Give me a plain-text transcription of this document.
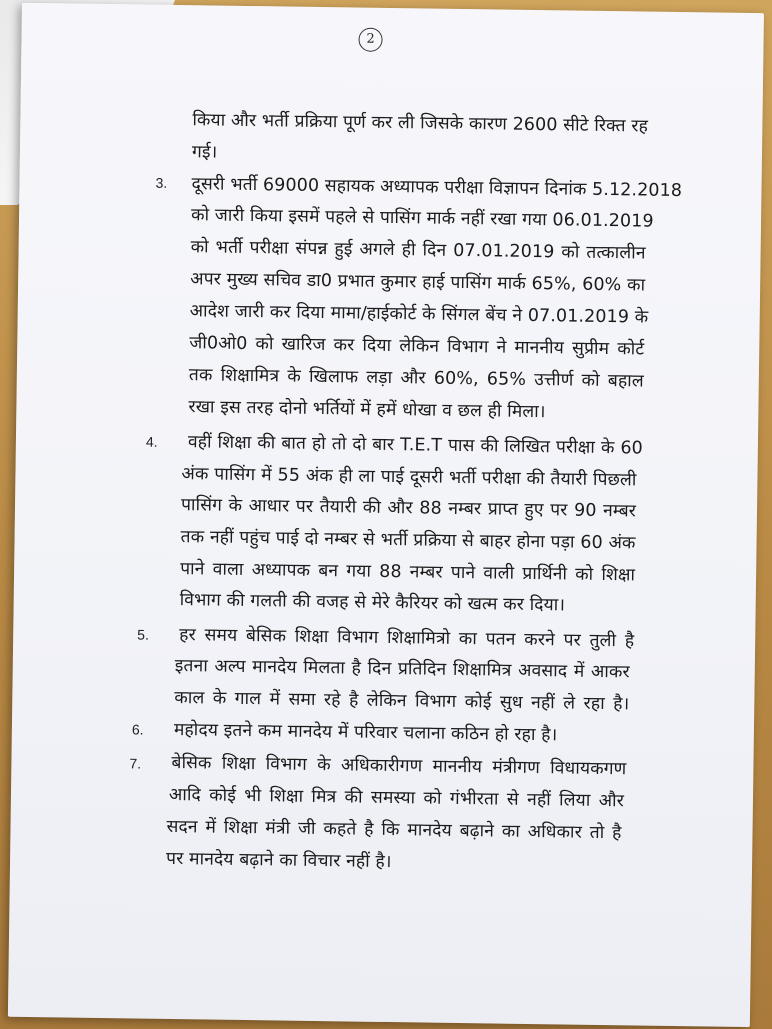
2
किया और भर्ती प्रक्रिया पूर्ण कर ली जिसके कारण 2600 सीटे रिक्त रह
गई।
3. दूसरी भर्ती 69000 सहायक अध्यापक परीक्षा विज्ञापन दिनांक 5.12.2018
को जारी किया इसमें पहले से पासिंग मार्क नहीं रखा गया 06.01.2019
को भर्ती परीक्षा संपन्न हुई अगले ही दिन 07.01.2019 को तत्कालीन
अपर मुख्य सचिव डा0 प्रभात कुमार हाई पासिंग मार्क 65%, 60% का
आदेश जारी कर दिया मामा/हाईकोर्ट के सिंगल बेंच ने 07.01.2019 के
जी0ओ0 को खारिज कर दिया लेकिन विभाग ने माननीय सुप्रीम कोर्ट
तक शिक्षामित्र के खिलाफ लड़ा और 60%, 65% उत्तीर्ण को बहाल
रखा इस तरह दोनो भर्तियों में हमें धोखा व छल ही मिला।
4. वहीं शिक्षा की बात हो तो दो बार T.E.T पास की लिखित परीक्षा के 60
अंक पासिंग में 55 अंक ही ला पाई दूसरी भर्ती परीक्षा की तैयारी पिछली
पासिंग के आधार पर तैयारी की और 88 नम्बर प्राप्त हुए पर 90 नम्बर
तक नहीं पहुंच पाई दो नम्बर से भर्ती प्रक्रिया से बाहर होना पड़ा 60 अंक
पाने वाला अध्यापक बन गया 88 नम्बर पाने वाली प्रार्थिनी को शिक्षा
विभाग की गलती की वजह से मेरे कैरियर को खत्म कर दिया।
5. हर समय बेसिक शिक्षा विभाग शिक्षामित्रो का पतन करने पर तुली है
इतना अल्प मानदेय मिलता है दिन प्रतिदिन शिक्षामित्र अवसाद में आकर
काल के गाल में समा रहे है लेकिन विभाग कोई सुध नहीं ले रहा है।
6. महोदय इतने कम मानदेय में परिवार चलाना कठिन हो रहा है।
7. बेसिक शिक्षा विभाग के अधिकारीगण माननीय मंत्रीगण विधायकगण
आदि कोई भी शिक्षा मित्र की समस्या को गंभीरता से नहीं लिया और
सदन में शिक्षा मंत्री जी कहते है कि मानदेय बढ़ाने का अधिकार तो है
पर मानदेय बढ़ाने का विचार नहीं है।
